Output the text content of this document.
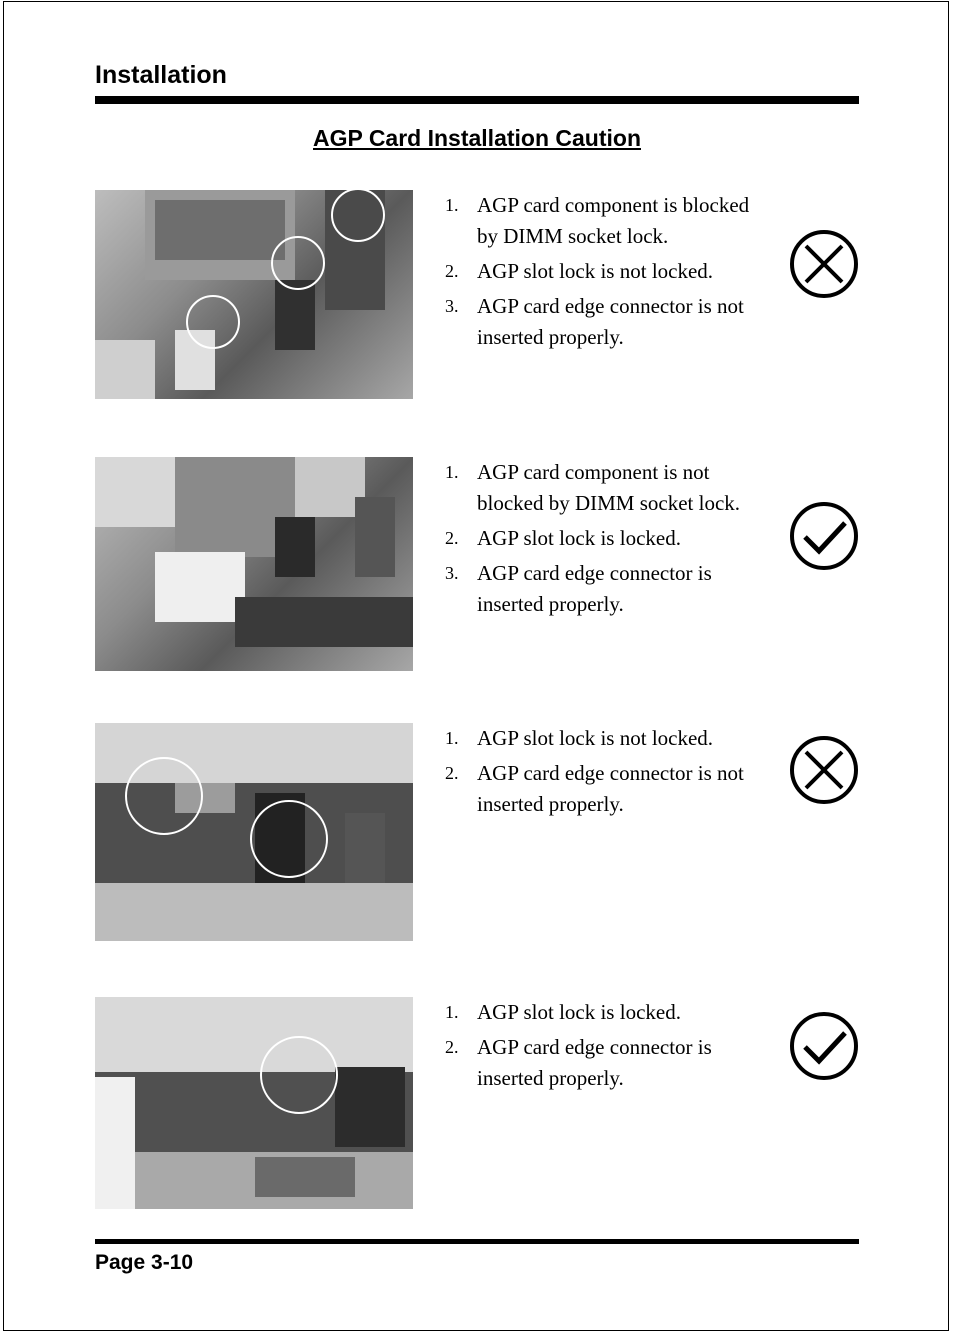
Installation
AGP Card Installation Caution
1. AGP card component is blocked by DIMM socket lock.
2. AGP slot lock is not locked.
3. AGP card edge connector is not inserted properly.
1. AGP card component is not blocked by DIMM socket lock.
2. AGP slot lock is locked.
3. AGP card edge connector is inserted properly.
1. AGP slot lock is not locked.
2. AGP card edge connector is not inserted properly.
1. AGP slot lock is locked.
2. AGP card edge connector is inserted properly.
Page 3-10
